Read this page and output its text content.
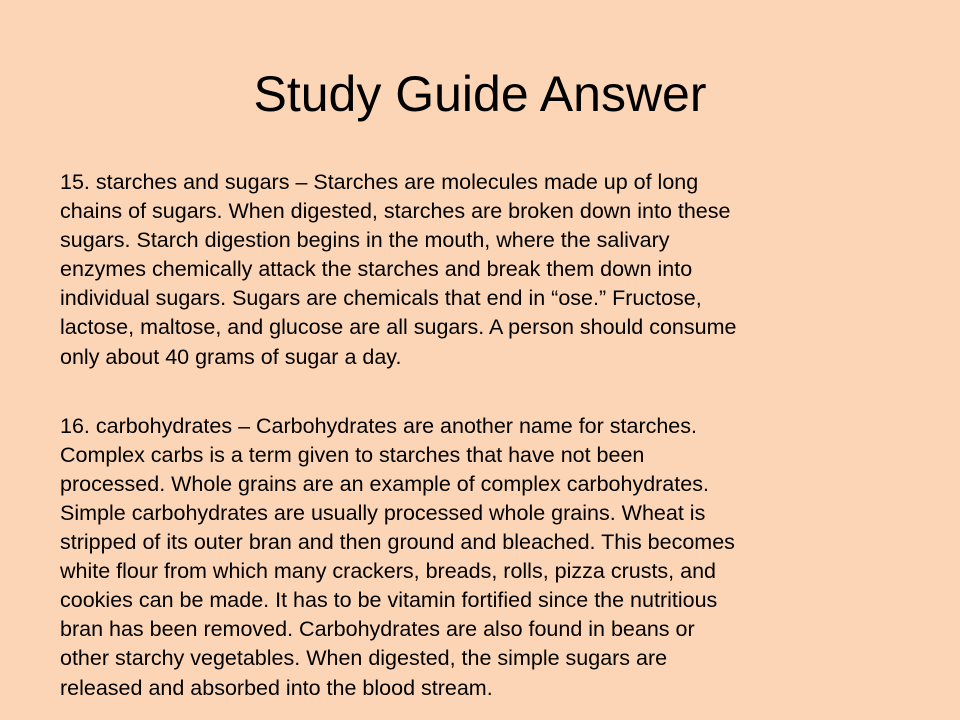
Study Guide Answer

15. starches and sugars – Starches are molecules made up of long
chains of sugars. When digested, starches are broken down into these
sugars. Starch digestion begins in the mouth, where the salivary
enzymes chemically attack the starches and break them down into
individual sugars. Sugars are chemicals that end in “ose.” Fructose,
lactose, maltose, and glucose are all sugars. A person should consume
only about 40 grams of sugar a day.

16. carbohydrates – Carbohydrates are another name for starches.
Complex carbs is a term given to starches that have not been
processed. Whole grains are an example of complex carbohydrates.
Simple carbohydrates are usually processed whole grains. Wheat is
stripped of its outer bran and then ground and bleached. This becomes
white flour from which many crackers, breads, rolls, pizza crusts, and
cookies can be made. It has to be vitamin fortified since the nutritious
bran has been removed. Carbohydrates are also found in beans or
other starchy vegetables. When digested, the simple sugars are
released and absorbed into the blood stream.
